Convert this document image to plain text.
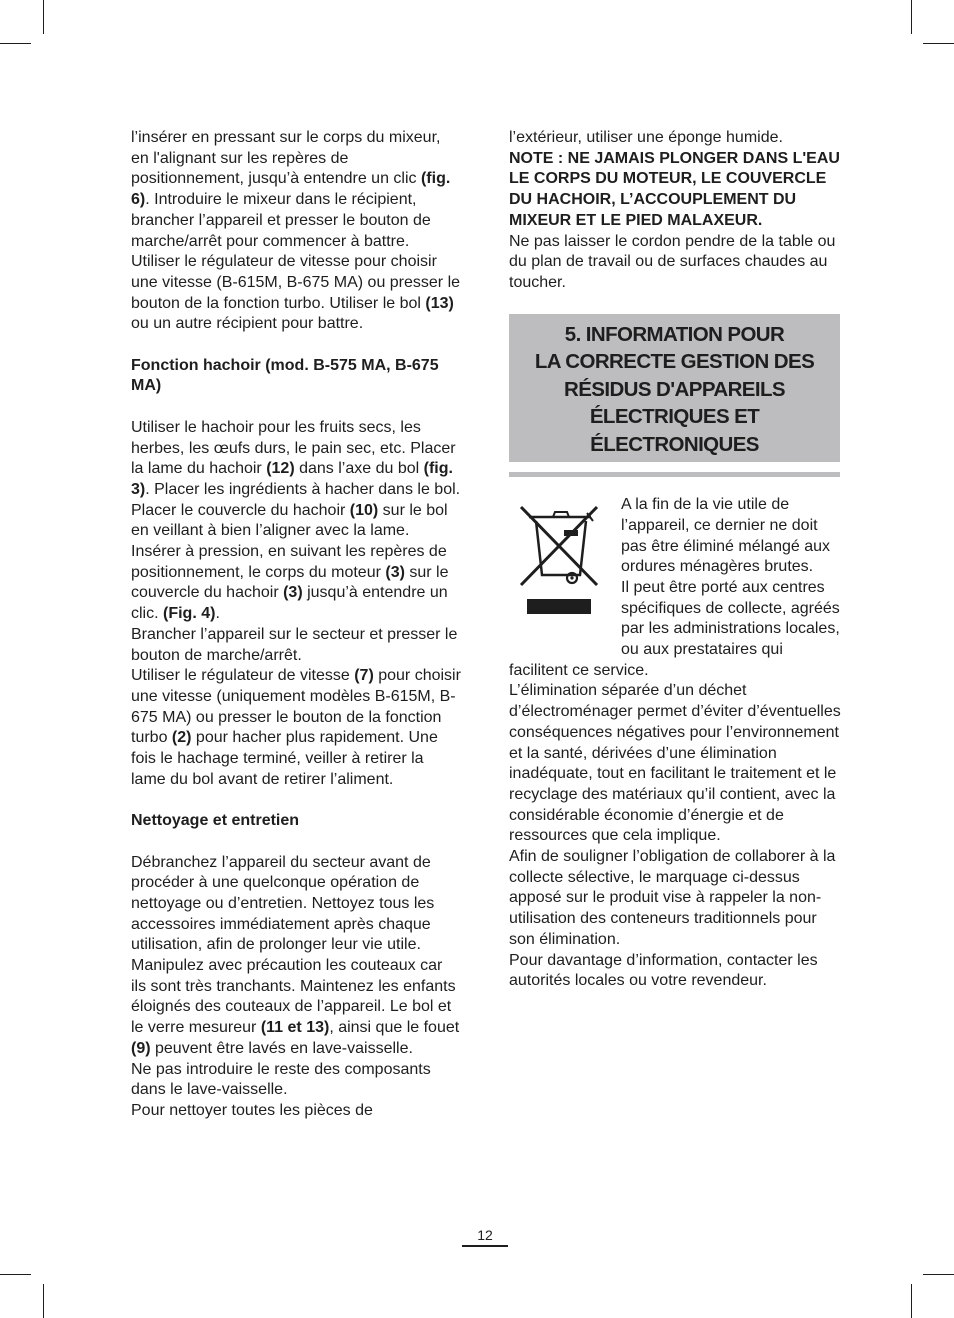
l’insérer en pressant sur le corps du mixeur, en l'alignant sur les repères de positionnement, jusqu’à entendre un clic (fig. 6). Introduire le mixeur dans le récipient, brancher l’appareil et presser le bouton de marche/arrêt pour commencer à battre. Utiliser le régulateur de vitesse pour choisir une vitesse (B-615M, B-675 MA) ou presser le bouton de la fonction turbo. Utiliser le bol (13) ou un autre récipient pour battre.

Fonction hachoir (mod. B-575 MA, B-675 MA)

Utiliser le hachoir pour les fruits secs, les herbes, les œufs durs, le pain sec, etc. Placer la lame du hachoir (12) dans l’axe du bol (fig. 3). Placer les ingrédients à hacher dans le bol.

Placer le couvercle du hachoir (10) sur le bol en veillant à bien l’aligner avec la lame. Insérer à pression, en suivant les repères de positionnement, le corps du moteur (3) sur le couvercle du hachoir (3) jusqu’à entendre un clic. (Fig. 4).

Brancher l’appareil sur le secteur et presser le bouton de marche/arrêt.

Utiliser le régulateur de vitesse (7) pour choisir une vitesse (uniquement modèles B-615M, B-675 MA) ou presser le bouton de la fonction turbo (2) pour hacher plus rapidement. Une fois le hachage terminé, veiller à retirer la lame du bol avant de retirer l’aliment.

Nettoyage et entretien

Débranchez l’appareil du secteur avant de procéder à une quelconque opération de nettoyage ou d’entretien. Nettoyez tous les accessoires immédiatement après chaque utilisation, afin de prolonger leur vie utile.

Manipulez avec précaution les couteaux car ils sont très tranchants. Maintenez les enfants éloignés des couteaux de l’appareil. Le bol et le verre mesureur (11 et 13), ainsi que le fouet (9) peuvent être lavés en lave-vaisselle.

Ne pas introduire le reste des composants dans le lave-vaisselle.

Pour nettoyer toutes les pièces de

l’extérieur, utiliser une éponge humide.

NOTE : NE JAMAIS PLONGER DANS L'EAU LE CORPS DU MOTEUR, LE COUVERCLE DU HACHOIR, L’ACCOUPLEMENT DU MIXEUR ET LE PIED MALAXEUR.

Ne pas laisser le cordon pendre de la table ou du plan de travail ou de surfaces chaudes au toucher.

5. INFORMATION POUR
LA CORRECTE GESTION DES
RÉSIDUS D'APPAREILS
ÉLECTRIQUES ET ÉLECTRONIQUES

A la fin de la vie utile de l’appareil, ce dernier ne doit pas être éliminé mélangé aux ordures ménagères brutes.

Il peut être porté aux centres spécifiques de collecte, agréés par les administrations locales, ou aux prestataires qui facilitent ce service.

L’élimination séparée d’un déchet d’électroménager permet d’éviter d’éventuelles conséquences négatives pour l’environnement et la santé, dérivées d’une élimination inadéquate, tout en facilitant le traitement et le recyclage des matériaux qu’il contient, avec la considérable économie d’énergie et de ressources que cela implique.

Afin de souligner l’obligation de collaborer à la collecte sélective, le marquage ci-dessus apposé sur le produit vise à rappeler la non-utilisation des conteneurs traditionnels pour son élimination.

Pour davantage d’information, contacter les autorités locales ou votre revendeur.

12
